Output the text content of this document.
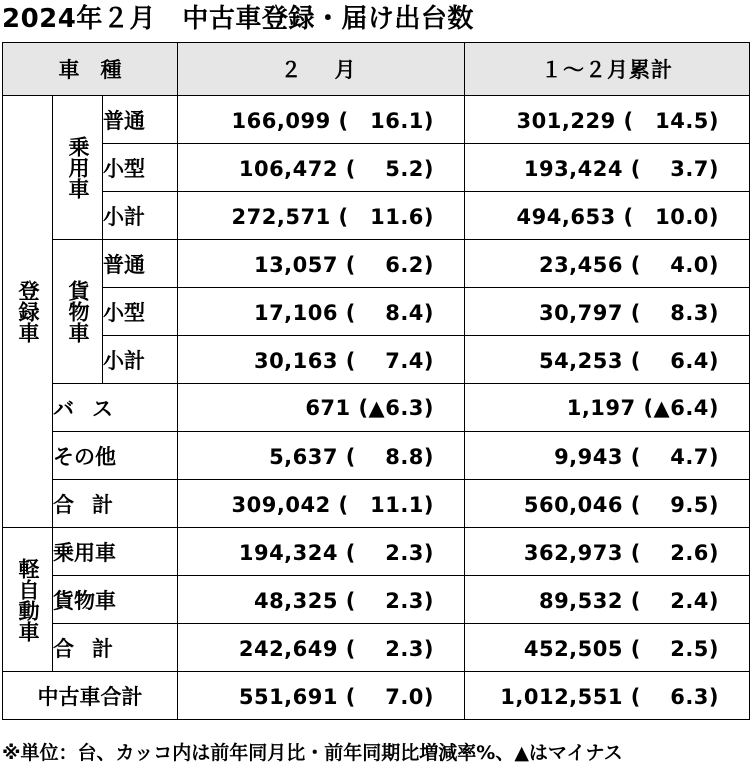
2024年２月　中古車登録・届け出台数
車　種			２　月	１～２月累計
登録車	乗用車	普通	166,099 (　16.1)	301,229 (　14.5)
		小型	106,472 (　 5.2)	193,424 (　 3.7)
		小計	272,571 (　11.6)	494,653 (　10.0)
	貨物車	普通	13,057 (　 6.2)	23,456 (　 4.0)
		小型	17,106 (　 8.4)	30,797 (　 8.3)
		小計	30,163 (　 7.4)	54,253 (　 6.4)
	バス		671 (▲6.3)	1,197 (▲6.4)
	その他		5,637 (　 8.8)	9,943 (　 4.7)
	合計		309,042 (　11.1)	560,046 (　 9.5)
軽自動車	乗用車		194,324 (　 2.3)	362,973 (　 2.6)
	貨物車		48,325 (　 2.3)	89,532 (　 2.4)
	合計		242,649 (　 2.3)	452,505 (　 2.5)
中古車合計			551,691 (　 7.0)	1,012,551 (　 6.3)
※単位：台、カッコ内は前年同月比・前年同期比増減率%、▲はマイナス
